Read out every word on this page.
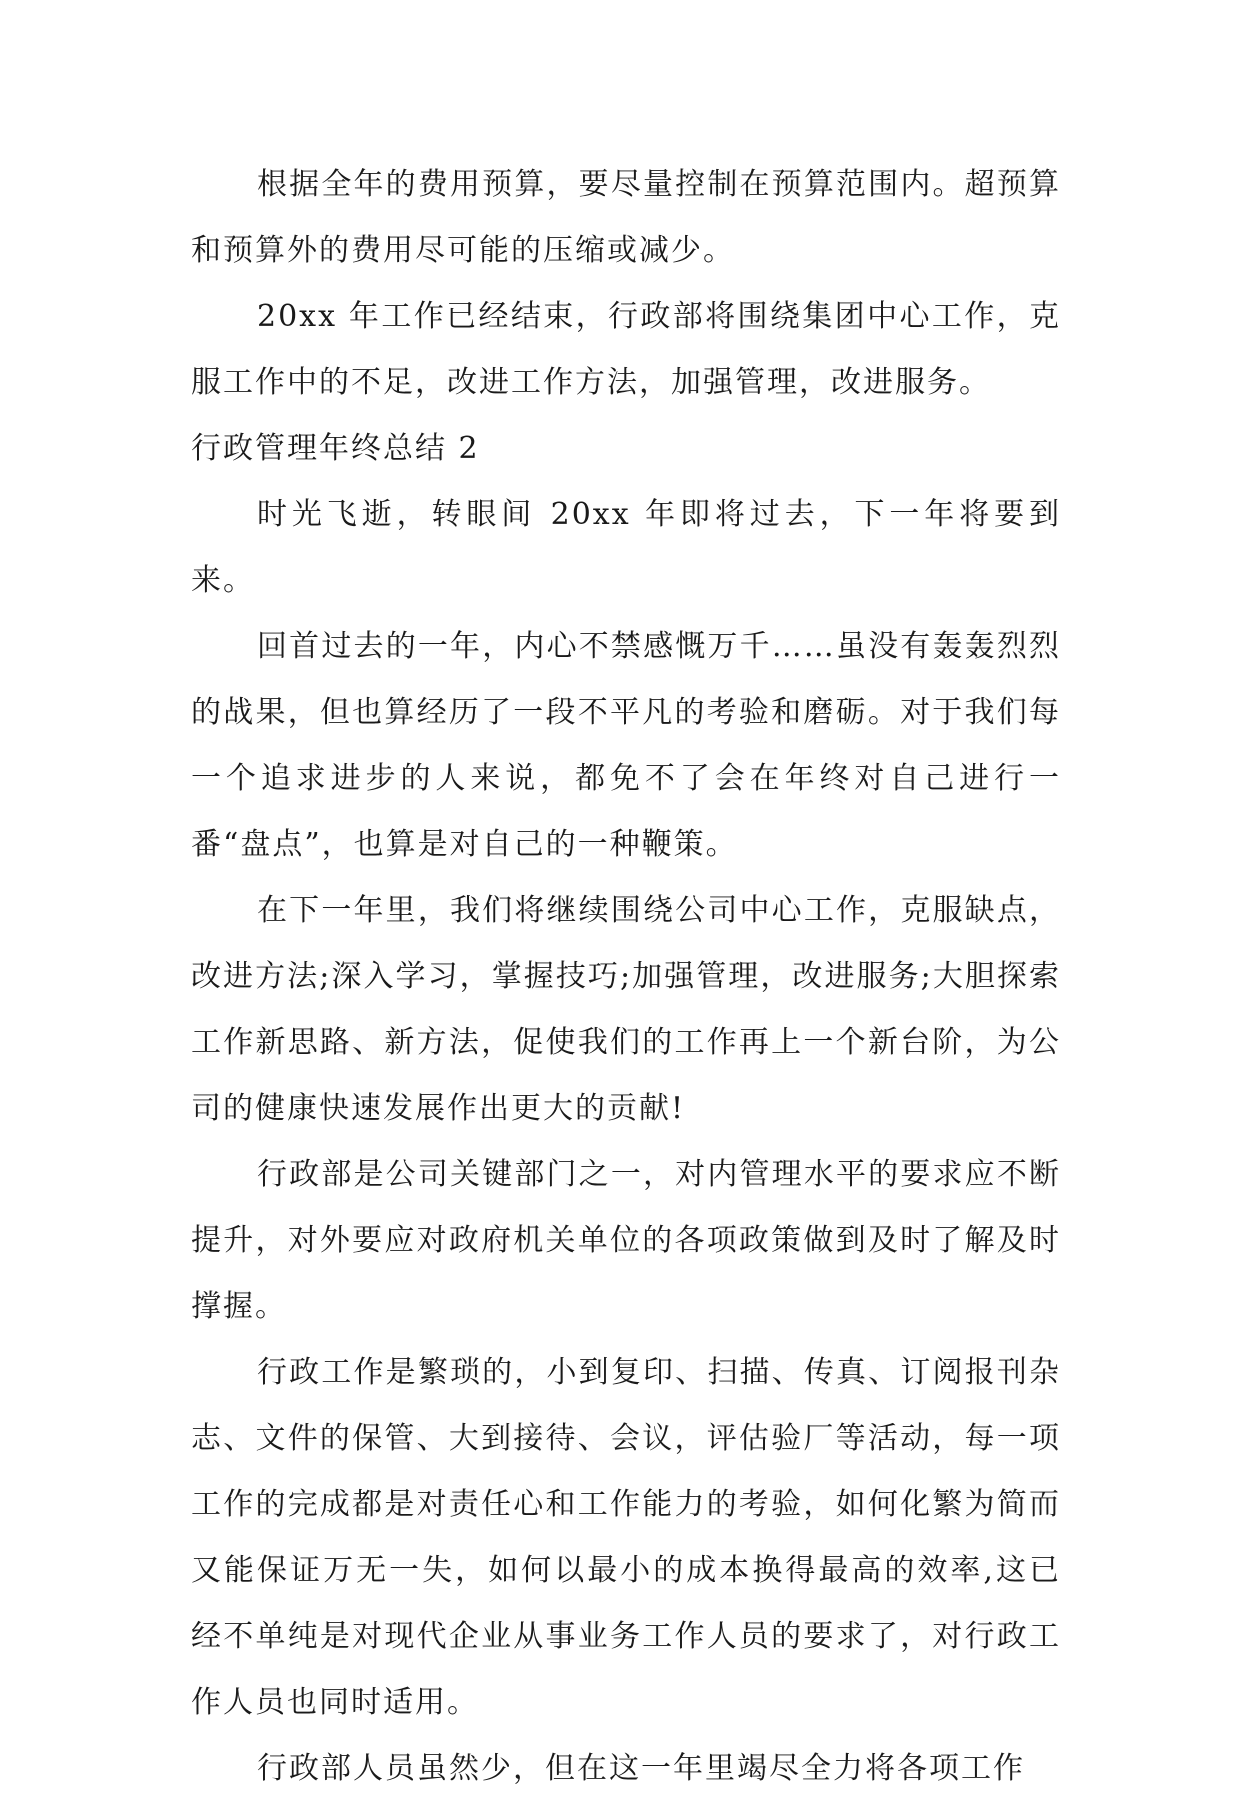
根据全年的费用预算，要尽量控制在预算范围内。超预算和预算外的费用尽可能的压缩或减少。

20xx 年工作已经结束，行政部将围绕集团中心工作，克服工作中的不足，改进工作方法，加强管理，改进服务。

行政管理年终总结 2

时光飞逝，转眼间 20xx 年即将过去，下一年将要到来。

回首过去的一年，内心不禁感慨万千……虽没有轰轰烈烈的战果，但也算经历了一段不平凡的考验和磨砺。对于我们每一个追求进步的人来说，都免不了会在年终对自己进行一番“盘点”，也算是对自己的一种鞭策。

在下一年里，我们将继续围绕公司中心工作，克服缺点，改进方法;深入学习，掌握技巧;加强管理，改进服务;大胆探索工作新思路、新方法，促使我们的工作再上一个新台阶，为公司的健康快速发展作出更大的贡献!

行政部是公司关键部门之一，对内管理水平的要求应不断提升，对外要应对政府机关单位的各项政策做到及时了解及时撑握。

行政工作是繁琐的，小到复印、扫描、传真、订阅报刊杂志、文件的保管、大到接待、会议，评估验厂等活动，每一项工作的完成都是对责任心和工作能力的考验，如何化繁为简而又能保证万无一失，如何以最小的成本换得最高的效率,这已经不单纯是对现代企业从事业务工作人员的要求了，对行政工作人员也同时适用。

行政部人员虽然少，但在这一年里竭尽全力将各项工作
